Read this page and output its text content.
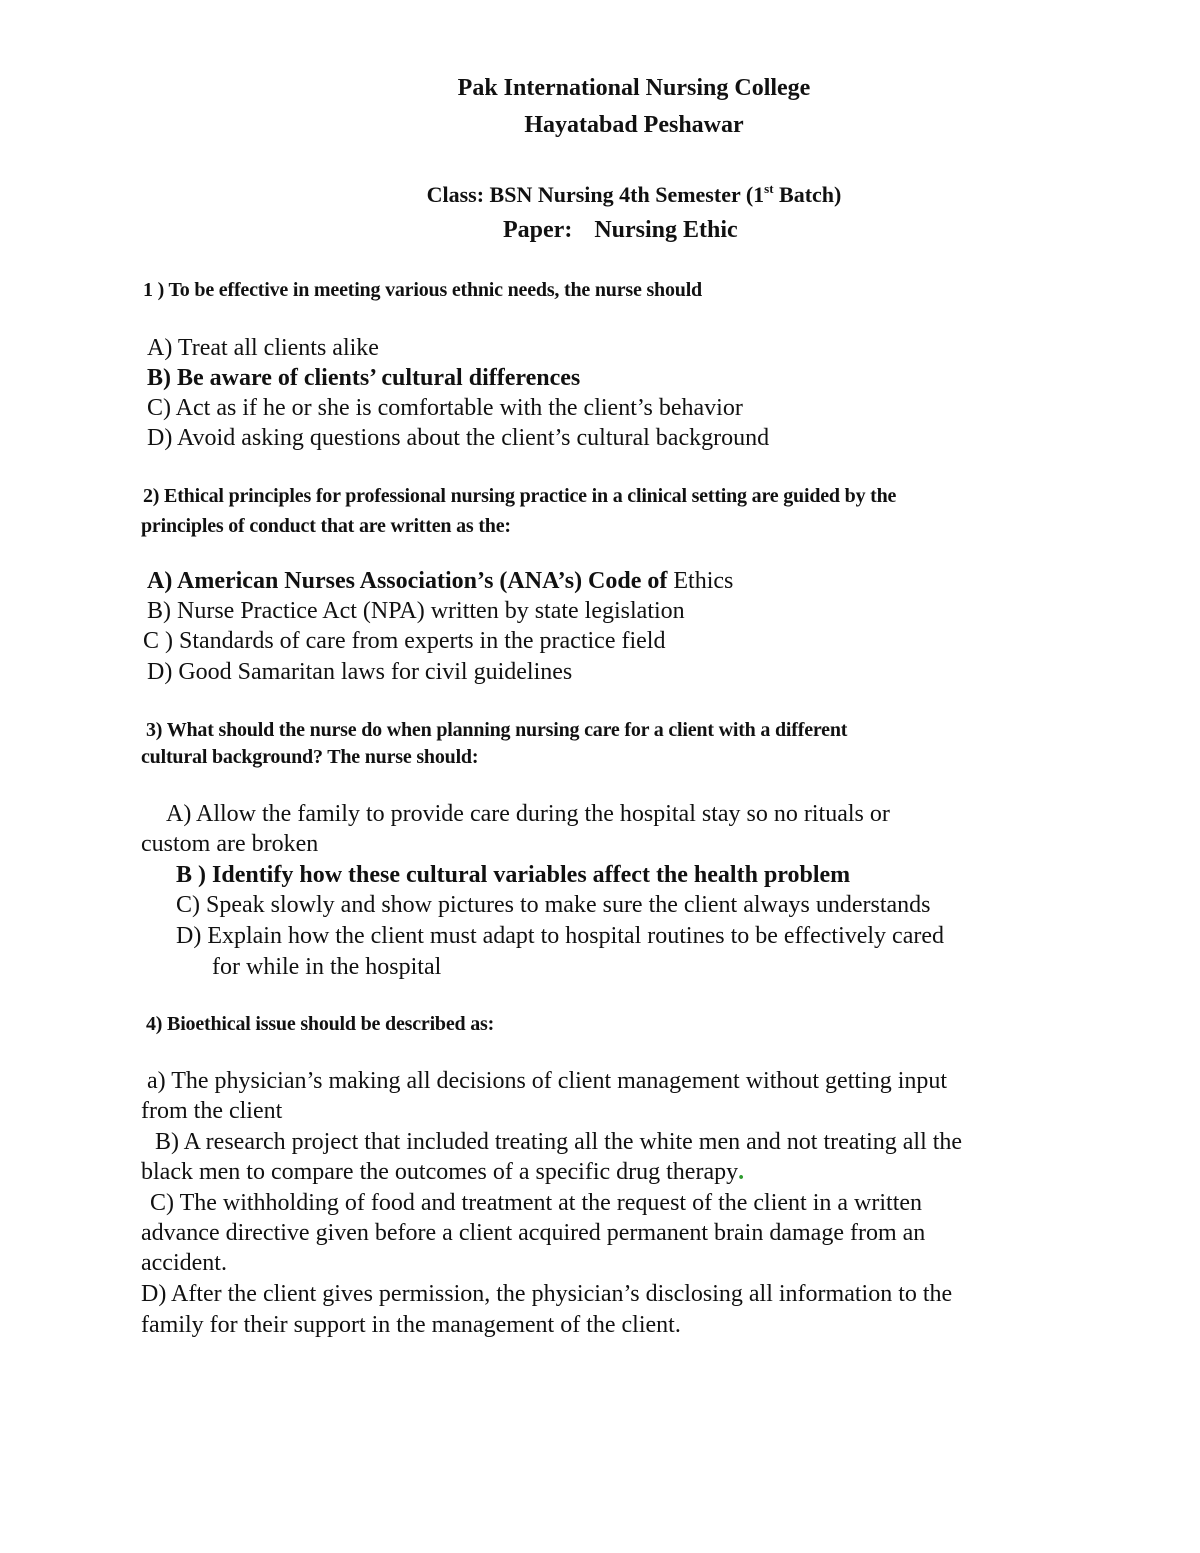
Pak International Nursing College
Hayatabad Peshawar
Class: BSN Nursing 4th Semester (1st Batch)
Paper: Nursing Ethic
1 ) To be effective in meeting various ethnic needs, the nurse should
A) Treat all clients alike
B) Be aware of clients’ cultural differences
C) Act as if he or she is comfortable with the client’s behavior
D) Avoid asking questions about the client’s cultural background
2) Ethical principles for professional nursing practice in a clinical setting are guided by the
principles of conduct that are written as the:
A) American Nurses Association’s (ANA’s) Code of Ethics
B) Nurse Practice Act (NPA) written by state legislation
C ) Standards of care from experts in the practice field
D) Good Samaritan laws for civil guidelines
3) What should the nurse do when planning nursing care for a client with a different
cultural background? The nurse should:
A) Allow the family to provide care during the hospital stay so no rituals or
custom are broken
B ) Identify how these cultural variables affect the health problem
C) Speak slowly and show pictures to make sure the client always understands
D) Explain how the client must adapt to hospital routines to be effectively cared
for while in the hospital
4) Bioethical issue should be described as:
a) The physician’s making all decisions of client management without getting input
from the client
B) A research project that included treating all the white men and not treating all the
black men to compare the outcomes of a specific drug therapy.
C) The withholding of food and treatment at the request of the client in a written
advance directive given before a client acquired permanent brain damage from an
accident.
D) After the client gives permission, the physician’s disclosing all information to the
family for their support in the management of the client.
